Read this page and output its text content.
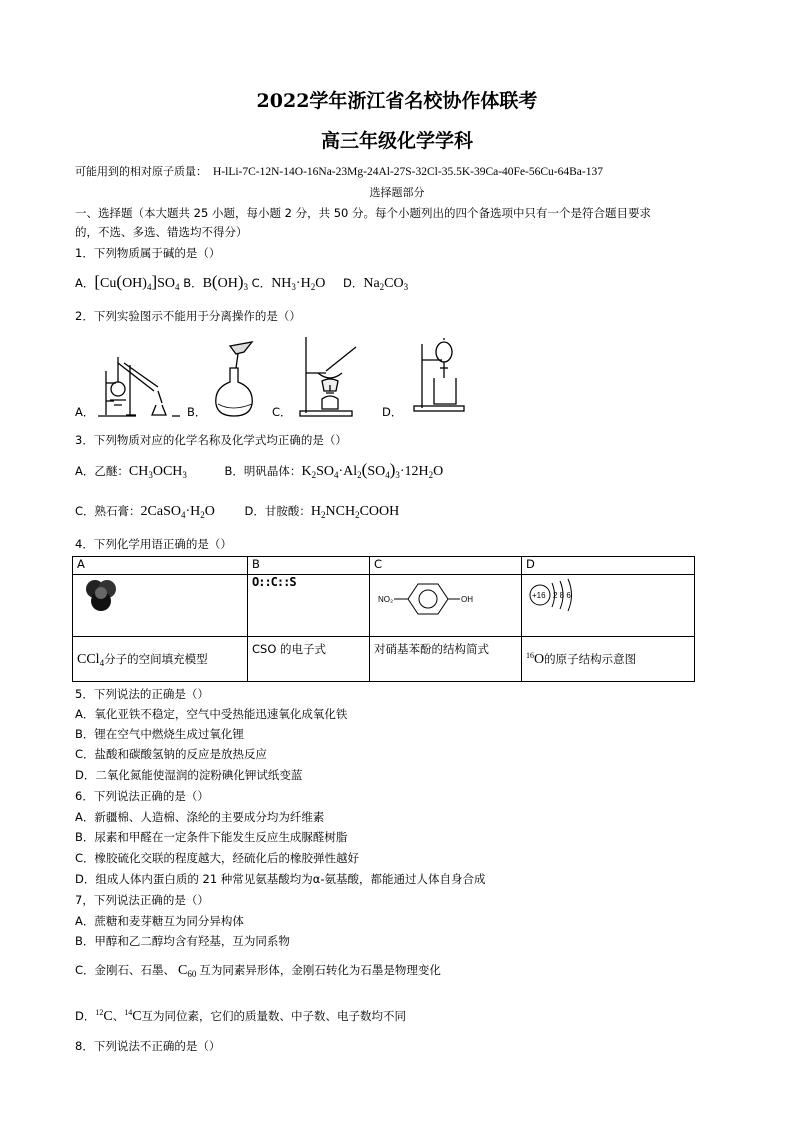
2022学年浙江省名校协作体联考
高三年级化学学科
可能用到的相对原子质量： H-lLi-7C-12N-14O-16Na-23Mg-24Al-27S-32Cl-35.5K-39Ca-40Fe-56Cu-64Ba-137
选择题部分
一、选择题（本大题共 25 小题，每小题 2 分，共 50 分。每个小题列出的四个备选项中只有一个是符合题目要求
的，不选、多选、错选均不得分）
1．下列物质属于碱的是（）
A．$[Cu(OH)_4]SO_4$ B．$B(OH)_3$ C．$NH_3\cdot H_2O$ D．$Na_2CO_3$
2．下列实验图示不能用于分离操作的是（）
A．	B．	C．	D．
3．下列物质对应的化学名称及化学式均正确的是（）
A．乙醚：$CH_3OCH_3$	B．明矾晶体：$K_2SO_4\cdot Al_2(SO_4)_3\cdot 12H_2O$
C．熟石膏：$2CaSO_4\cdot H_2O$	D．甘胺酸：$H_2NCH_2COOH$
4．下列化学用语正确的是（）
A	B	C	D
	O::C::S	NO₂ OH	+16 2 8 6

CCl$_4$分子的空间填充模型	CSO 的电子式	对硝基苯酚的结构简式	$^{16}$O的原子结构示意图
5．下列说法的正确是（）
A．氧化亚铁不稳定，空气中受热能迅速氧化成氧化铁
B．锂在空气中燃烧生成过氧化锂
C．盐酸和碳酸氢钠的反应是放热反应
D．二氧化氮能使湿润的淀粉碘化钾试纸变蓝
6．下列说法正确的是（）
A．新疆棉、人造棉、涤纶的主要成分均为纤维素
B．尿素和甲醛在一定条件下能发生反应生成脲醛树脂
C．橡胶硫化交联的程度越大，经硫化后的橡胶弹性越好
D．组成人体内蛋白质的 21 种常见氨基酸均为α-氨基酸，都能通过人体自身合成
7，下列说法正确的是（）
A．蔗糖和麦芽糖互为同分异构体
B．甲醇和乙二醇均含有羟基，互为同系物
C．金刚石、石墨、 $C_{60}$ 互为同素异形体，金刚石转化为石墨是物理变化
D．$^{12}$C、$^{14}$C互为同位素，它们的质量数、中子数、电子数均不同
8．下列说法不正确的是（）
